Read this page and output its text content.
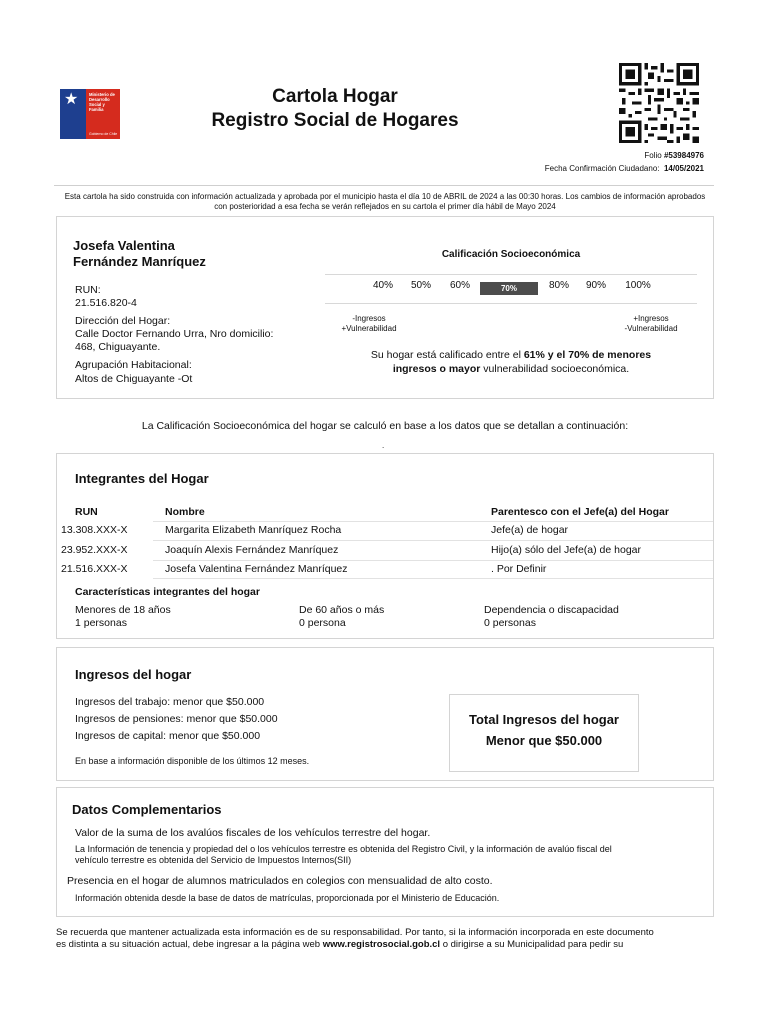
★	Ministerio de Desarrollo Social y Familia
Gobierno de Chile
Cartola Hogar
Registro Social de Hogares
Folio #53984976
Fecha Confirmación Ciudadano: 14/05/2021
Esta cartola ha sido construida con información actualizada y aprobada por el municipio hasta el día 10 de ABRIL de 2024 a las 00:30 horas. Los cambios de información aprobados con posterioridad a esa fecha se verán reflejados en su cartola el primer día hábil de Mayo 2024
Josefa Valentina
Fernández Manríquez
RUN:
21.516.820-4
Dirección del Hogar:
Calle Doctor Fernando Urra, Nro domicilio:
468, Chiguayante.
Agrupación Habitacional:
Altos de Chiguayante -Ot
Calificación Socioeconómica
40%	50%	60%	70%	80%	90%	100%
-Ingresos
+Vulnerabilidad
+Ingresos
-Vulnerabilidad
Su hogar está calificado entre el 61% y el 70% de menores
ingresos o mayor vulnerabilidad socioeconómica.
La Calificación Socioeconómica del hogar se calculó en base a los datos que se detallan a continuación:
.
Integrantes del Hogar
RUN	Nombre	Parentesco con el Jefe(a) del Hogar
13.308.XXX-X	Margarita Elizabeth Manríquez Rocha	Jefe(a) de hogar
23.952.XXX-X	Joaquín Alexis Fernández Manríquez	Hijo(a) sólo del Jefe(a) de hogar
21.516.XXX-X	Josefa Valentina Fernández Manríquez	. Por Definir
Características integrantes del hogar
Menores de 18 años
1 personas
De 60 años o más
0 persona
Dependencia o discapacidad
0 personas
Ingresos del hogar
Ingresos del trabajo: menor que $50.000
Ingresos de pensiones: menor que $50.000
Ingresos de capital: menor que $50.000
En base a información disponible de los últimos 12 meses.
Total Ingresos del hogar
Menor que $50.000
Datos Complementarios
Valor de la suma de los avalúos fiscales de los vehículos terrestre del hogar.
La Información de tenencia y propiedad del o los vehículos terrestre es obtenida del Registro Civil, y la información de avalúo fiscal del
vehículo terrestre es obtenida del Servicio de Impuestos Internos(SII)
Presencia en el hogar de alumnos matriculados en colegios con mensualidad de alto costo.
Información obtenida desde la base de datos de matrículas, proporcionada por el Ministerio de Educación.
Se recuerda que mantener actualizada esta información es de su responsabilidad. Por tanto, si la información incorporada en este documento
es distinta a su situación actual, debe ingresar a la página web www.registrosocial.gob.cl o dirigirse a su Municipalidad para pedir su
